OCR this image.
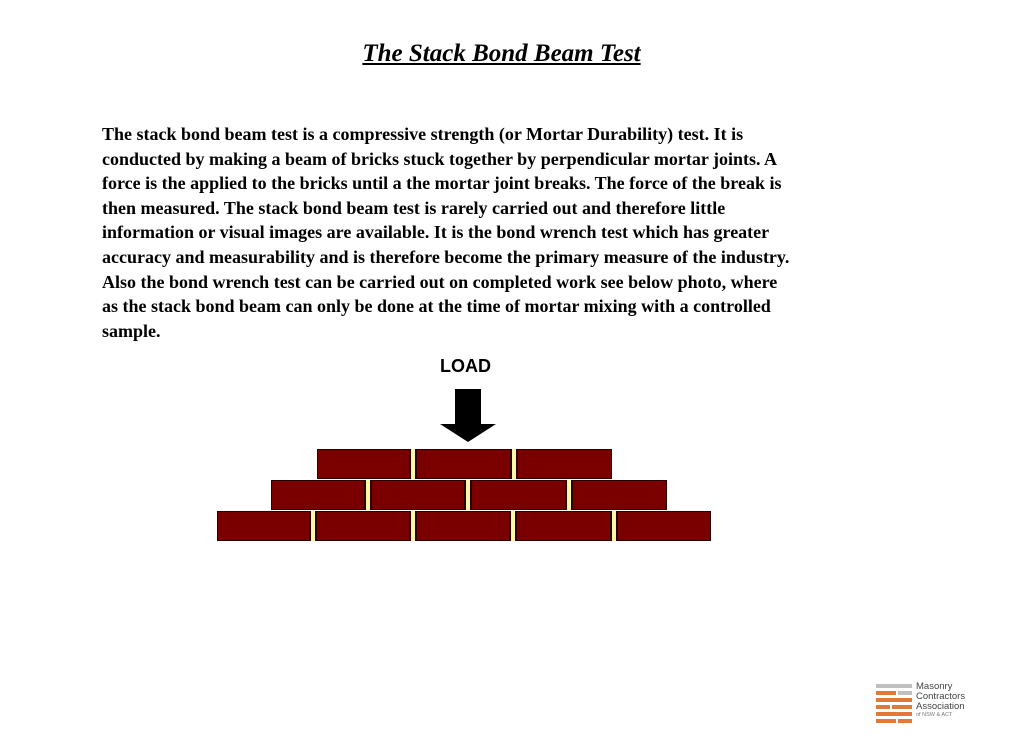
The Stack Bond Beam Test
The stack bond beam test is a compressive strength (or Mortar Durability) test. It is
conducted by making a beam of bricks stuck together by perpendicular mortar joints. A
force is the applied to the bricks until a the mortar joint breaks. The force of the break is
then measured. The stack bond beam test is rarely carried out and therefore little
information or visual images are available. It is the bond wrench test which has greater
accuracy and measurability and is therefore become the primary measure of the industry.
Also the bond wrench test can be carried out on completed work see below photo, where
as the stack bond beam can only be done at the time of mortar mixing with a controlled
sample.
LOAD
Masonry
Contractors
Association
of NSW & ACT
